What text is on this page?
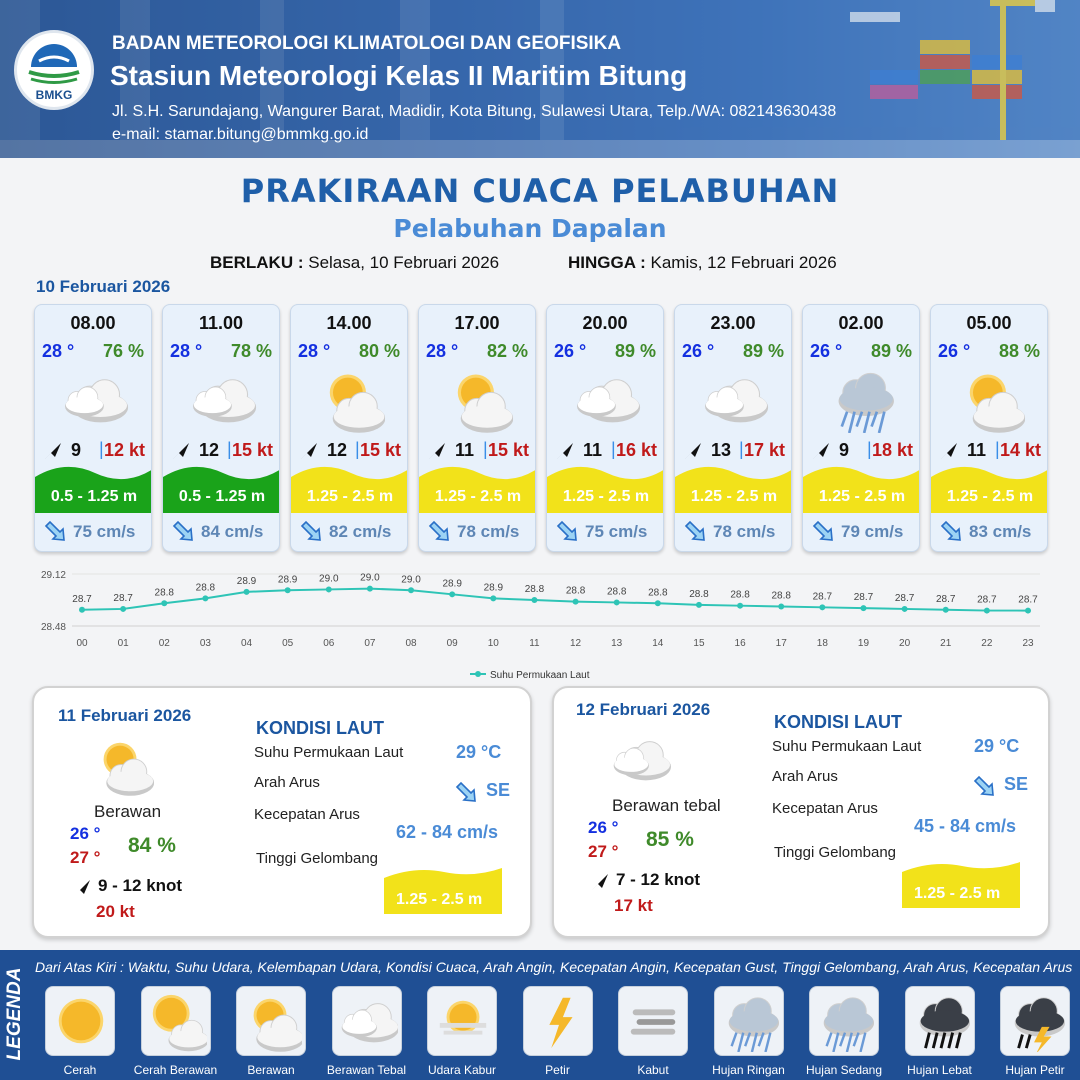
BMKG
BADAN METEOROLOGI KLIMATOLOGI DAN GEOFISIKA
Stasiun Meteorologi Kelas II Maritim Bitung
Jl. S.H. Sarundajang, Wangurer Barat, Madidir, Kota Bitung, Sulawesi Utara, Telp./WA: 082143630438
e-mail: stamar.bitung@bmmkg.go.id
PRAKIRAAN CUACA PELABUHAN
Pelabuhan Dapalan
BERLAKU : Selasa, 10 Februari 2026	HINGGA : Kamis, 12 Februari 2026
10 Februari 2026
08.00
28 ° 76 %
9 | 12 kt
0.5 - 1.25 m
75 cm/s
11.00
28 ° 78 %
12 | 15 kt
0.5 - 1.25 m
84 cm/s
14.00
28 ° 80 %
12 | 15 kt
1.25 - 2.5 m
82 cm/s
17.00
28 ° 82 %
11 | 15 kt
1.25 - 2.5 m
78 cm/s
20.00
26 ° 89 %
11 | 16 kt
1.25 - 2.5 m
75 cm/s
23.00
26 ° 89 %
13 | 17 kt
1.25 - 2.5 m
78 cm/s
02.00
26 ° 89 %
9 | 18 kt
1.25 - 2.5 m
79 cm/s
05.00
26 ° 88 %
11 | 14 kt
1.25 - 2.5 m
83 cm/s
29.12
28.48
28.7
00
28.7
01
28.8
02
28.8
03
28.9
04
28.9
05
29.0
06
29.0
07
29.0
08
28.9
09
28.9
10
28.8
11
28.8
12
28.8
13
28.8
14
28.8
15
28.8
16
28.8
17
28.7
18
28.7
19
28.7
20
28.7
21
28.7
22
28.7
23
Suhu Permukaan Laut
11 Februari 2026
Berawan
26 °
27 °
84 %
9 - 12 knot
20 kt
KONDISI LAUT
Suhu Permukaan Laut	29 °C
Arah Arus	SE
Kecepatan Arus
62 - 84 cm/s
Tinggi Gelombang
1.25 - 2.5 m
12 Februari 2026
Berawan tebal
26 °
27 °
85 %
7 - 12 knot
17 kt
KONDISI LAUT
Suhu Permukaan Laut	29 °C
Arah Arus	SE
Kecepatan Arus
45 - 84 cm/s
Tinggi Gelombang
1.25 - 2.5 m
LEGENDA
Dari Atas Kiri : Waktu, Suhu Udara, Kelembapan Udara, Kondisi Cuaca, Arah Angin, Kecepatan Angin, Kecepatan Gust, Tinggi Gelombang, Arah Arus, Kecepatan Arus
Cerah	Cerah Berawan	Berawan	Berawan Tebal	Udara Kabur	Petir	Kabut	Hujan Ringan	Hujan Sedang	Hujan Lebat	Hujan Petir
